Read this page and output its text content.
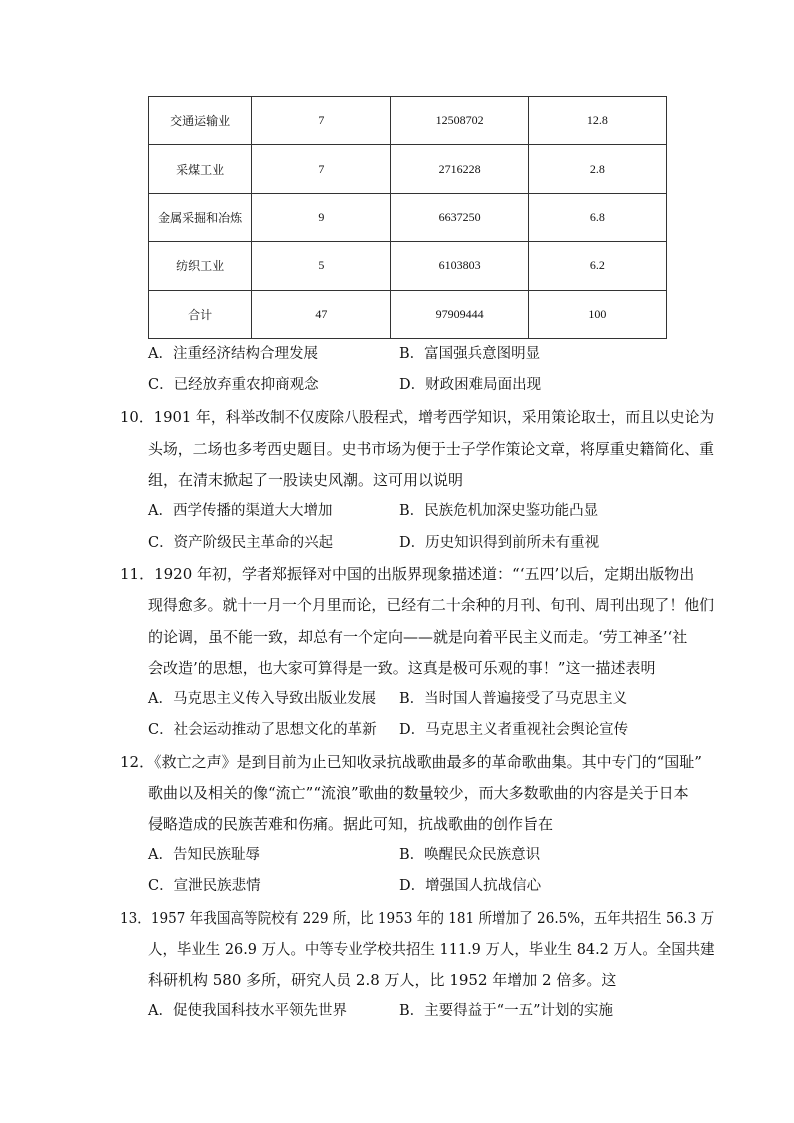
交通运输业	7	12508702	12.8
采煤工业	7	2716228	2.8
金属采掘和冶炼	9	6637250	6.8
纺织工业	5	6103803	6.2
合计	47	97909444	100
A．注重经济结构合理发展	B．富国强兵意图明显
C．已经放弃重农抑商观念	D．财政困难局面出现
10．1901 年，科举改制不仅废除八股程式，增考西学知识，采用策论取士，而且以史论为
头场，二场也多考西史题目。史书市场为便于士子学作策论文章，将厚重史籍简化、重
组，在清末掀起了一股读史风潮。这可用以说明
A．西学传播的渠道大大增加	B．民族危机加深史鉴功能凸显
C．资产阶级民主革命的兴起	D．历史知识得到前所未有重视
11．1920 年初，学者郑振铎对中国的出版界现象描述道：“‘五四’以后，定期出版物出
现得愈多。就十一月一个月里而论，已经有二十余种的月刊、旬刊、周刊出现了！他们
的论调，虽不能一致，却总有一个定向——就是向着平民主义而走。‘劳工神圣’‘社
会改造’的思想，也大家可算得是一致。这真是极可乐观的事！”这一描述表明
A．马克思主义传入导致出版业发展 B．当时国人普遍接受了马克思主义
C．社会运动推动了思想文化的革新 D．马克思主义者重视社会舆论宣传
12．《救亡之声》是到目前为止已知收录抗战歌曲最多的革命歌曲集。其中专门的“国耻”
歌曲以及相关的像“流亡”“流浪”歌曲的数量较少，而大多数歌曲的内容是关于日本
侵略造成的民族苦难和伤痛。据此可知，抗战歌曲的创作旨在
A．告知民族耻辱	B．唤醒民众民族意识
C．宣泄民族悲情	D．增强国人抗战信心
13．1957 年我国高等院校有 229 所，比 1953 年的 181 所增加了 26.5%，五年共招生 56.3 万
人，毕业生 26.9 万人。中等专业学校共招生 111.9 万人，毕业生 84.2 万人。全国共建
科研机构 580 多所，研究人员 2.8 万人，比 1952 年增加 2 倍多。这
A．促使我国科技水平领先世界	B．主要得益于“一五”计划的实施
